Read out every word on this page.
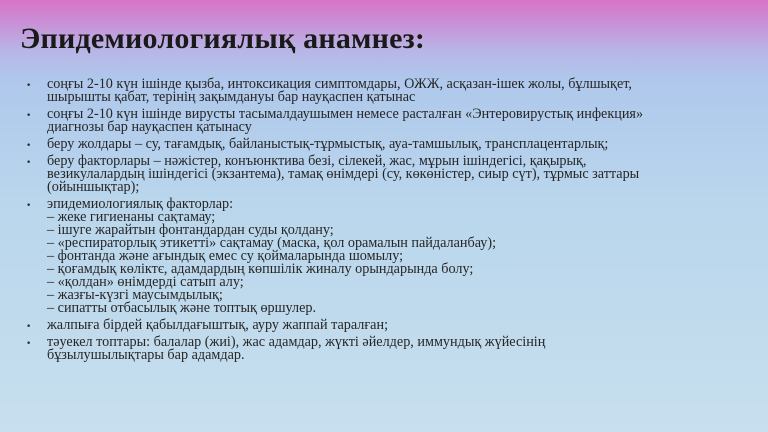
Эпидемиологиялық анамнез:
• соңғы 2-10 күн ішінде қызба, интоксикация симптомдары, ОЖЖ, асқазан-ішек жолы, бұлшықет,
шырышты қабат, терінің зақымдануы бар науқаспен қатынас
• соңғы 2-10 күн ішінде вирусты тасымалдаушымен немесе расталған «Энтеровирустық инфекция»
диагнозы бар науқаспен қатынасу
• беру жолдары – су, тағамдық, байланыстық-тұрмыстық, ауа-тамшылық, трансплацентарлық;
• беру факторлары – нәжістер, конъюнктива безі, сілекей, жас, мұрын ішіндегісі, қақырық,
везикулалардың ішіндегісі (экзантема), тамақ өнімдері (су, көкөністер, сиыр сүт), тұрмыс заттары
(ойыншықтар);
• эпидемиологиялық факторлар:
– жеке гигиенаны сақтамау;
– ішуге жарайтын фонтандардан суды қолдану;
– «респираторлық этикетті» сақтамау (маска, қол орамалын пайдаланбау);
– фонтанда және ағындық емес су қоймаларында шомылу;
– қоғамдық көліктє, адамдардың көпшілік жиналу орындарында болу;
– «қолдан» өнімдерді сатып алу;
– жазғы-күзгі маусымдылық;
– сипатты отбасылық және топтық өршулер.
• жалпыға бірдей қабылдағыштық, ауру жаппай таралған;
• тәуекел топтары: балалар (жиі), жас адамдар, жүкті әйелдер, иммундық жүйесінің
бұзылушылықтары бар адамдар.
